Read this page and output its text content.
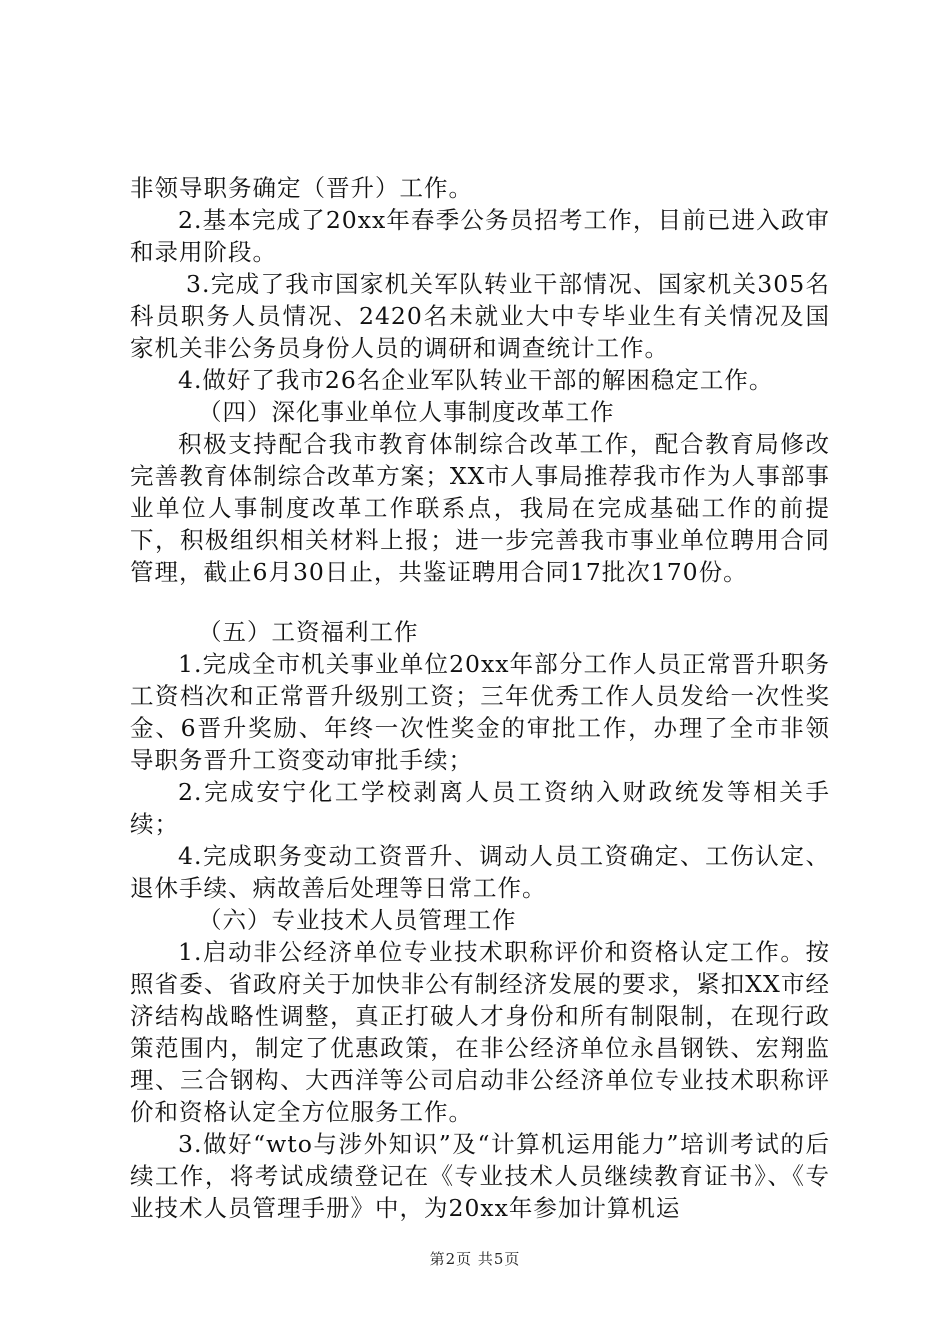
非领导职务确定（晋升）工作。

2.基本完成了20xx年春季公务员招考工作，目前已进入政审和录用阶段。

3.完成了我市国家机关军队转业干部情况、国家机关305名科员职务人员情况、2420名未就业大中专毕业生有关情况及国家机关非公务员身份人员的调研和调查统计工作。

4.做好了我市26名企业军队转业干部的解困稳定工作。

（四）深化事业单位人事制度改革工作

积极支持配合我市教育体制综合改革工作，配合教育局修改完善教育体制综合改革方案；XX市人事局推荐我市作为人事部事业单位人事制度改革工作联系点，我局在完成基础工作的前提下，积极组织相关材料上报；进一步完善我市事业单位聘用合同管理，截止6月30日止，共鉴证聘用合同17批次170份。

（五）工资福利工作

1.完成全市机关事业单位20xx年部分工作人员正常晋升职务工资档次和正常晋升级别工资；三年优秀工作人员发给一次性奖金、6晋升奖励、年终一次性奖金的审批工作，办理了全市非领导职务晋升工资变动审批手续；

2.完成安宁化工学校剥离人员工资纳入财政统发等相关手续；

4.完成职务变动工资晋升、调动人员工资确定、工伤认定、退休手续、病故善后处理等日常工作。

（六）专业技术人员管理工作

1.启动非公经济单位专业技术职称评价和资格认定工作。按照省委、省政府关于加快非公有制经济发展的要求，紧扣XX市经济结构战略性调整，真正打破人才身份和所有制限制，在现行政策范围内，制定了优惠政策，在非公经济单位永昌钢铁、宏翔监理、三合钢构、大西洋等公司启动非公经济单位专业技术职称评价和资格认定全方位服务工作。

3.做好“wto与涉外知识”及“计算机运用能力”培训考试的后续工作，将考试成绩登记在《专业技术人员继续教育证书》、《专业技术人员管理手册》中，为20xx年参加计算机运

第2页 共5页
